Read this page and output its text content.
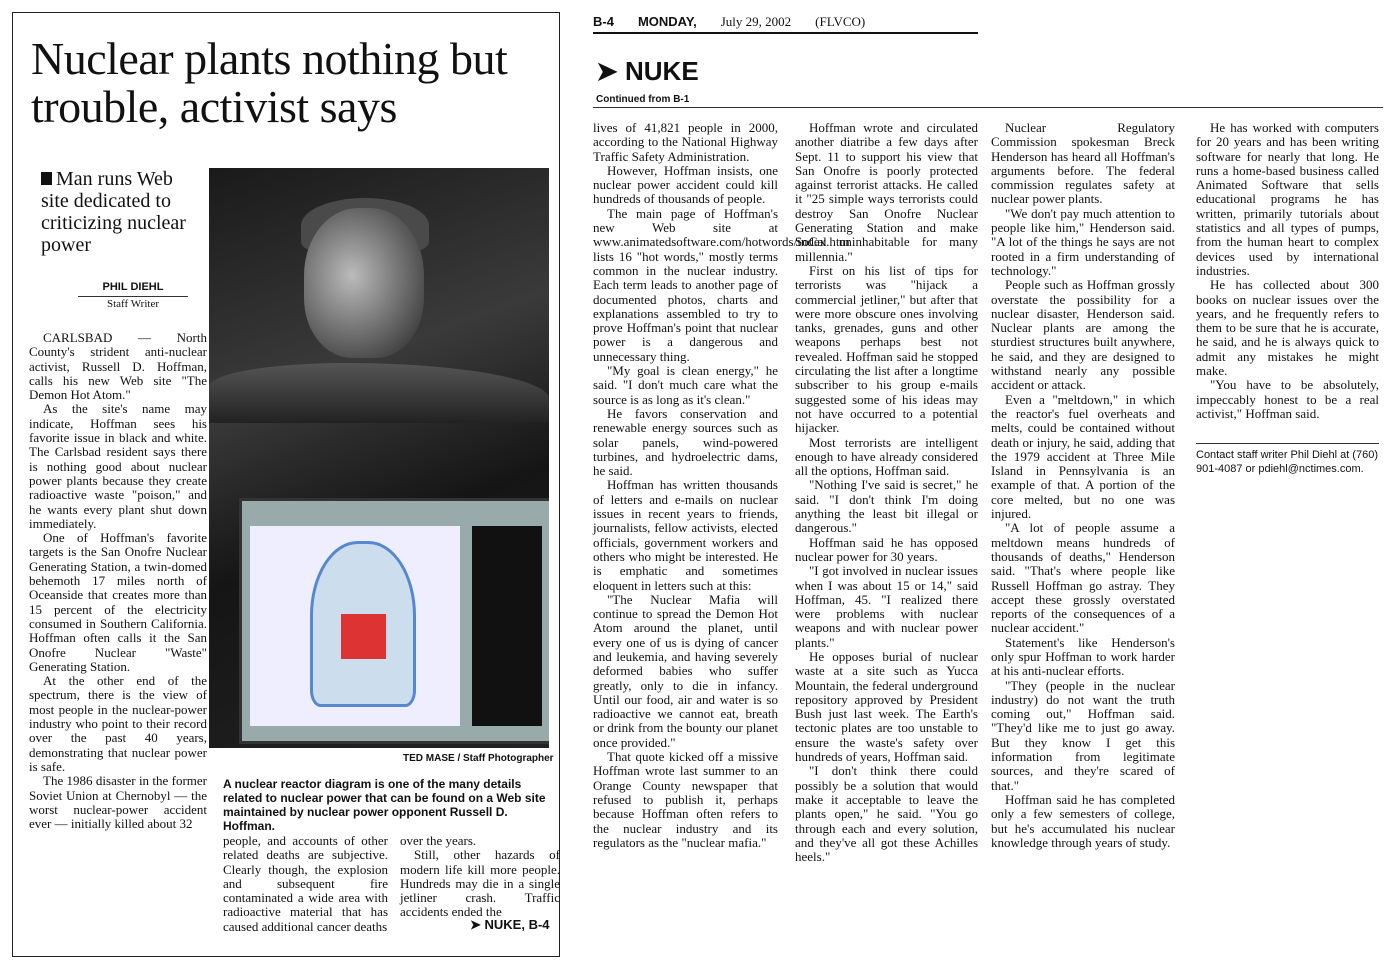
Nuclear plants nothing but trouble, activist says
Man runs Web site dedicated to criticizing nuclear power
PHIL DIEHL
Staff Writer
TED MASE / Staff Photographer
A nuclear reactor diagram is one of the many details related to nuclear power that can be found on a Web site maintained by nuclear power opponent Russell D. Hoffman.

CARLSBAD — North County's strident anti-nuclear activist, Russell D. Hoffman, calls his new Web site "The Demon Hot Atom."

As the site's name may indicate, Hoffman sees his favorite issue in black and white. The Carlsbad resident says there is nothing good about nuclear power plants because they create radioactive waste "poison," and he wants every plant shut down immediately.

One of Hoffman's favorite targets is the San Onofre Nuclear Generating Station, a twin-domed behemoth 17 miles north of Oceanside that creates more than 15 percent of the electricity consumed in Southern California. Hoffman often calls it the San Onofre Nuclear "Waste" Generating Station.

At the other end of the spectrum, there is the view of most people in the nuclear-power industry who point to their record over the past 40 years, demonstrating that nuclear power is safe.

The 1986 disaster in the former Soviet Union at Chernobyl — the worst nuclear-power accident ever — initially killed about 32

people, and accounts of other related deaths are subjective. Clearly though, the explosion and subsequent fire contaminated a wide area with radioactive material that has caused additional cancer deaths

over the years.

Still, other hazards of modern life kill more people. Hundreds may die in a single jetliner crash. Traffic accidents ended the

➤ NUKE, B-4
B-4 MONDAY, July 29, 2002 (FLVCO)
➤ NUKE
Continued from B-1

lives of 41,821 people in 2000, according to the National Highway Traffic Safety Administration.

However, Hoffman insists, one nuclear power accident could kill hundreds of thousands of people.

The main page of Hoffman's new Web site at www.animatedsoftware.com/hotwords/index.htm lists 16 "hot words," mostly terms common in the nuclear industry. Each term leads to another page of documented photos, charts and explanations assembled to try to prove Hoffman's point that nuclear power is a dangerous and unnecessary thing.

"My goal is clean energy," he said. "I don't much care what the source is as long as it's clean."

He favors conservation and renewable energy sources such as solar panels, wind-powered turbines, and hydroelectric dams, he said.

Hoffman has written thousands of letters and e-mails on nuclear issues in recent years to friends, journalists, fellow activists, elected officials, government workers and others who might be interested. He is emphatic and sometimes eloquent in letters such at this:

"The Nuclear Mafia will continue to spread the Demon Hot Atom around the planet, until every one of us is dying of cancer and leukemia, and having severely deformed babies who suffer greatly, only to die in infancy. Until our food, air and water is so radioactive we cannot eat, breath or drink from the bounty our planet once provided."

That quote kicked off a missive Hoffman wrote last summer to an Orange County newspaper that refused to publish it, perhaps because Hoffman often refers to the nuclear industry and its regulators as the "nuclear mafia."

Hoffman wrote and circulated another diatribe a few days after Sept. 11 to support his view that San Onofre is poorly protected against terrorist attacks. He called it "25 simple ways terrorists could destroy San Onofre Nuclear Generating Station and make SoCal uninhabitable for many millennia."

First on his list of tips for terrorists was "hijack a commercial jetliner," but after that were more obscure ones involving tanks, grenades, guns and other weapons perhaps best not revealed. Hoffman said he stopped circulating the list after a longtime subscriber to his group e-mails suggested some of his ideas may not have occurred to a potential hijacker.

Most terrorists are intelligent enough to have already considered all the options, Hoffman said.

"Nothing I've said is secret," he said. "I don't think I'm doing anything the least bit illegal or dangerous."

Hoffman said he has opposed nuclear power for 30 years.

"I got involved in nuclear issues when I was about 15 or 14," said Hoffman, 45. "I realized there were problems with nuclear weapons and with nuclear power plants."

He opposes burial of nuclear waste at a site such as Yucca Mountain, the federal underground repository approved by President Bush just last week. The Earth's tectonic plates are too unstable to ensure the waste's safety over hundreds of years, Hoffman said.

"I don't think there could possibly be a solution that would make it acceptable to leave the plants open," he said. "You go through each and every solution, and they've all got these Achilles heels."

Nuclear Regulatory Commission spokesman Breck Henderson has heard all Hoffman's arguments before. The federal commission regulates safety at nuclear power plants.

"We don't pay much attention to people like him," Henderson said. "A lot of the things he says are not rooted in a firm understanding of technology."

People such as Hoffman grossly overstate the possibility for a nuclear disaster, Henderson said. Nuclear plants are among the sturdiest structures built anywhere, he said, and they are designed to withstand nearly any possible accident or attack.

Even a "meltdown," in which the reactor's fuel overheats and melts, could be contained without death or injury, he said, adding that the 1979 accident at Three Mile Island in Pennsylvania is an example of that. A portion of the core melted, but no one was injured.

"A lot of people assume a meltdown means hundreds of thousands of deaths," Henderson said. "That's where people like Russell Hoffman go astray. They accept these grossly overstated reports of the consequences of a nuclear accident."

Statement's like Henderson's only spur Hoffman to work harder at his anti-nuclear efforts.

"They (people in the nuclear industry) do not want the truth coming out," Hoffman said. "They'd like me to just go away. But they know I get this information from legitimate sources, and they're scared of that."

Hoffman said he has completed only a few semesters of college, but he's accumulated his nuclear knowledge through years of study.

He has worked with computers for 20 years and has been writing software for nearly that long. He runs a home-based business called Animated Software that sells educational programs he has written, primarily tutorials about statistics and all types of pumps, from the human heart to complex devices used by international industries.

He has collected about 300 books on nuclear issues over the years, and he frequently refers to them to be sure that he is accurate, he said, and he is always quick to admit any mistakes he might make.

"You have to be absolutely, impeccably honest to be a real activist," Hoffman said.

Contact staff writer Phil Diehl at (760) 901-4087 or pdiehl@nctimes.com.
